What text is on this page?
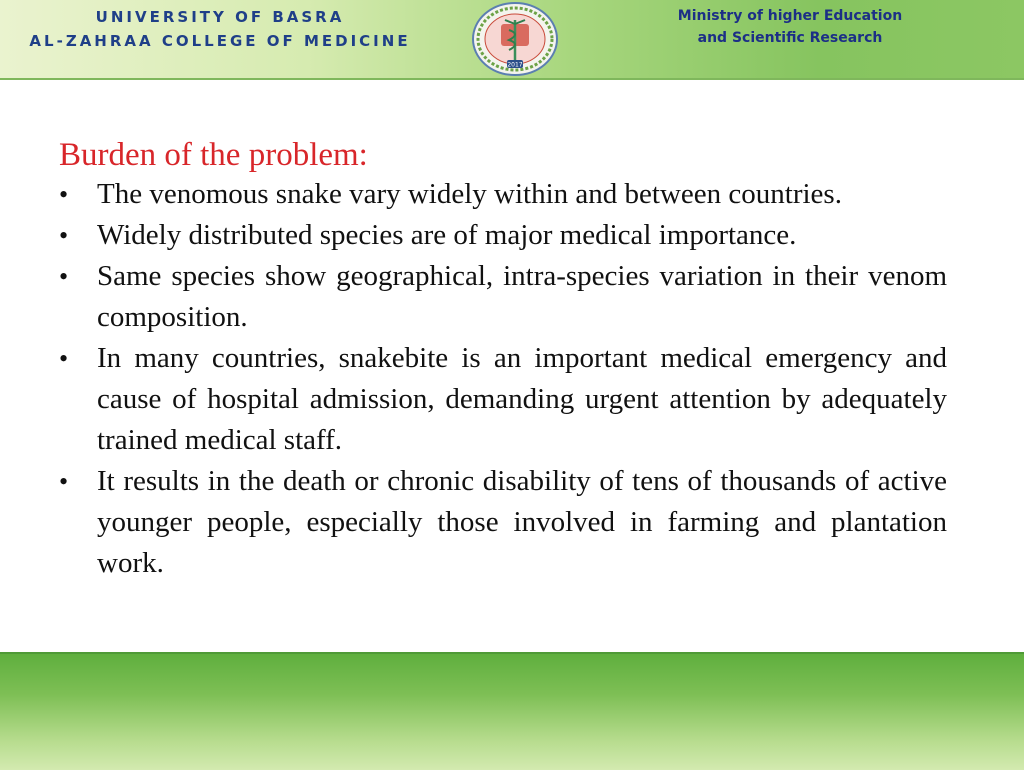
UNIVERSITY OF BASRA
AL-ZAHRAA COLLEGE OF MEDICINE
2017
Ministry of higher Education
and Scientific Research
Burden of the problem:
• The venomous snake vary widely within and between countries.
• Widely distributed species are of major medical importance.
• Same species show geographical, intra-species variation in their venom composition.
• In many countries, snakebite is an important medical emergency and cause of hospital admission, demanding urgent attention by adequately trained medical staff.
• It results in the death or chronic disability of tens of thousands of active younger people, especially those involved in farming and plantation work.
